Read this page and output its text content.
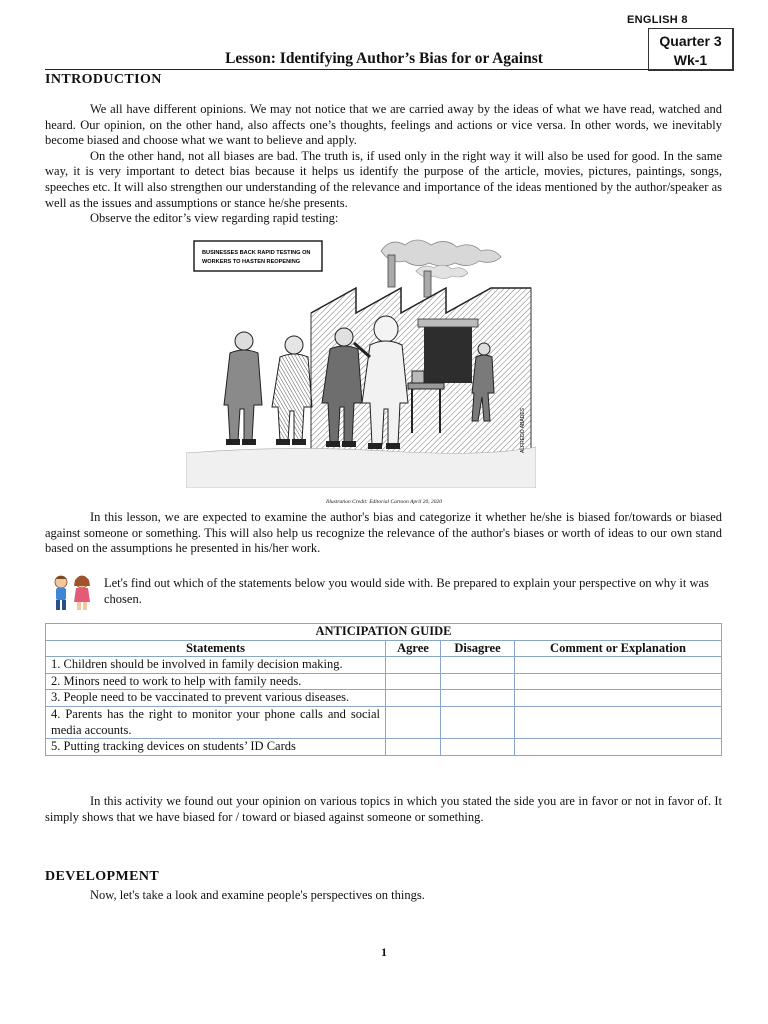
ENGLISH 8
Quarter 3
Wk-1
Lesson: Identifying Author’s Bias for or Against
INTRODUCTION

We all have different opinions. We may not notice that we are carried away by the ideas of what we have read, watched and heard. Our opinion, on the other hand, also affects one’s thoughts, feelings and actions or vice versa. In other words, we inevitably become biased and choose what we want to believe and apply.

On the other hand, not all biases are bad. The truth is, if used only in the right way it will also be used for good. In the same way, it is very important to detect bias because it helps us identify the purpose of the article, movies, pictures, paintings, songs, speeches etc. It will also strengthen our understanding of the relevance and importance of the ideas mentioned by the author/speaker as well as the issues and assumptions or stance he/she presents.

Observe the editor’s view regarding rapid testing:

BUSINESSES BACK RAPID TESTING ON
WORKERS TO HASTEN REOPENING
ALFREDO ABADES
Illustration Credit: Editorial Cartoon April 20, 2020

In this lesson, we are expected to examine the author's bias and categorize it whether he/she is biased for/towards or biased against someone or something. This will also help us recognize the relevance of the author's biases or worth of ideas to our own stand based on the assumptions he presented in his/her work.

Let's find out which of the statements below you would side with. Be prepared to explain your perspective on why it was chosen.

ANTICIPATION GUIDE			
Statements	Agree	Disagree	Comment or Explanation
1. Children should be involved in family decision making.			
2. Minors need to work to help with family needs.			
3. People need to be vaccinated to prevent various diseases.			
4. Parents has the right to monitor your phone calls and social media accounts.			
5. Putting tracking devices on students’ ID Cards			

In this activity we found out your opinion on various topics in which you stated the side you are in favor or not in favor of. It simply shows that we have biased for / toward or biased against someone or something.

DEVELOPMENT

Now, let's take a look and examine people's perspectives on things.

1
